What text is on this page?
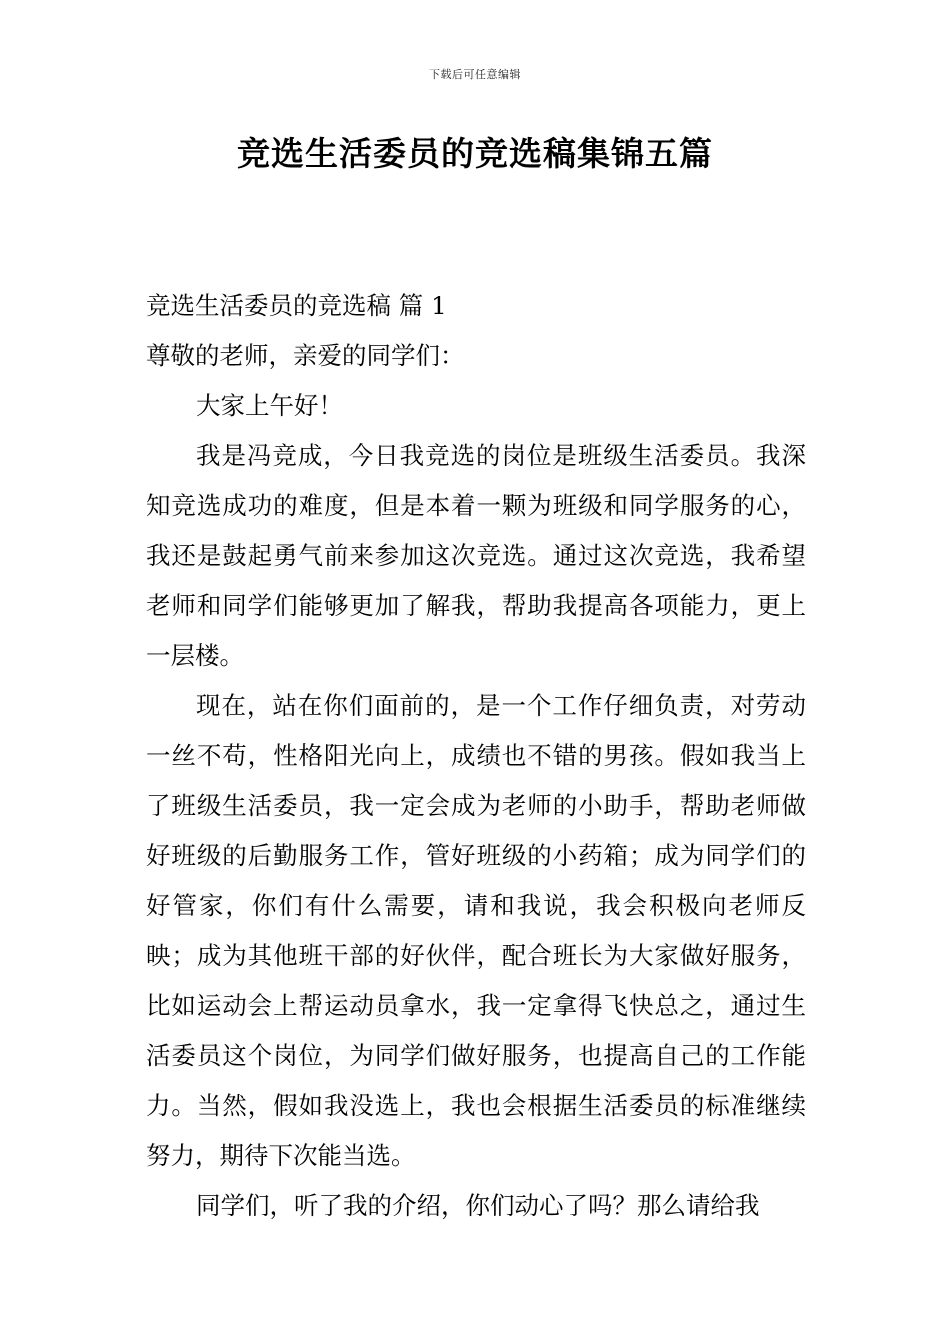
下载后可任意编辑
竞选生活委员的竞选稿集锦五篇

竞选生活委员的竞选稿 篇 1

尊敬的老师，亲爱的同学们：

大家上午好！

我是冯竞成，今日我竞选的岗位是班级生活委员。我深知竞选成功的难度，但是本着一颗为班级和同学服务的心，我还是鼓起勇气前来参加这次竞选。通过这次竞选，我希望老师和同学们能够更加了解我，帮助我提高各项能力，更上一层楼。

现在，站在你们面前的，是一个工作仔细负责，对劳动一丝不苟，性格阳光向上，成绩也不错的男孩。假如我当上了班级生活委员，我一定会成为老师的小助手，帮助老师做好班级的后勤服务工作，管好班级的小药箱；成为同学们的好管家，你们有什么需要，请和我说，我会积极向老师反映；成为其他班干部的好伙伴，配合班长为大家做好服务，比如运动会上帮运动员拿水，我一定拿得飞快总之，通过生活委员这个岗位，为同学们做好服务，也提高自己的工作能力。当然，假如我没选上，我也会根据生活委员的标准继续努力，期待下次能当选。

同学们，听了我的介绍，你们动心了吗？那么请给我
